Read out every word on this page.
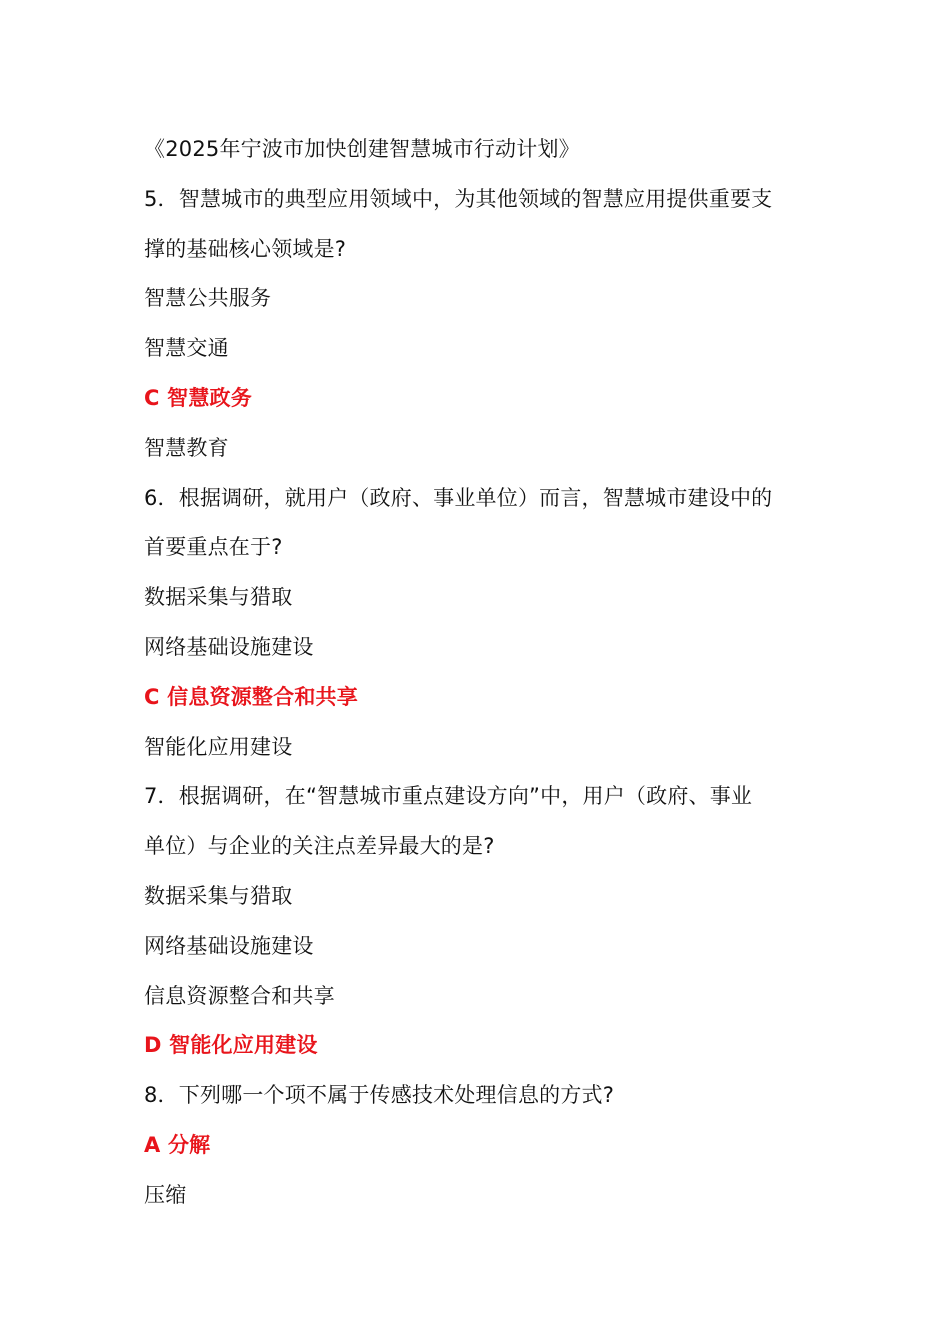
《2025年宁波市加快创建智慧城市行动计划》
5．智慧城市的典型应用领域中，为其他领域的智慧应用提供重要支
撑的基础核心领域是?
智慧公共服务
智慧交通
C 智慧政务
智慧教育
6．根据调研，就用户（政府、事业单位）而言，智慧城市建设中的
首要重点在于?
数据采集与猎取
网络基础设施建设
C 信息资源整合和共享
智能化应用建设
7．根据调研，在“智慧城市重点建设方向”中，用户（政府、事业
单位）与企业的关注点差异最大的是?
数据采集与猎取
网络基础设施建设
信息资源整合和共享
D 智能化应用建设
8．下列哪一个项不属于传感技术处理信息的方式?
A 分解
压缩
